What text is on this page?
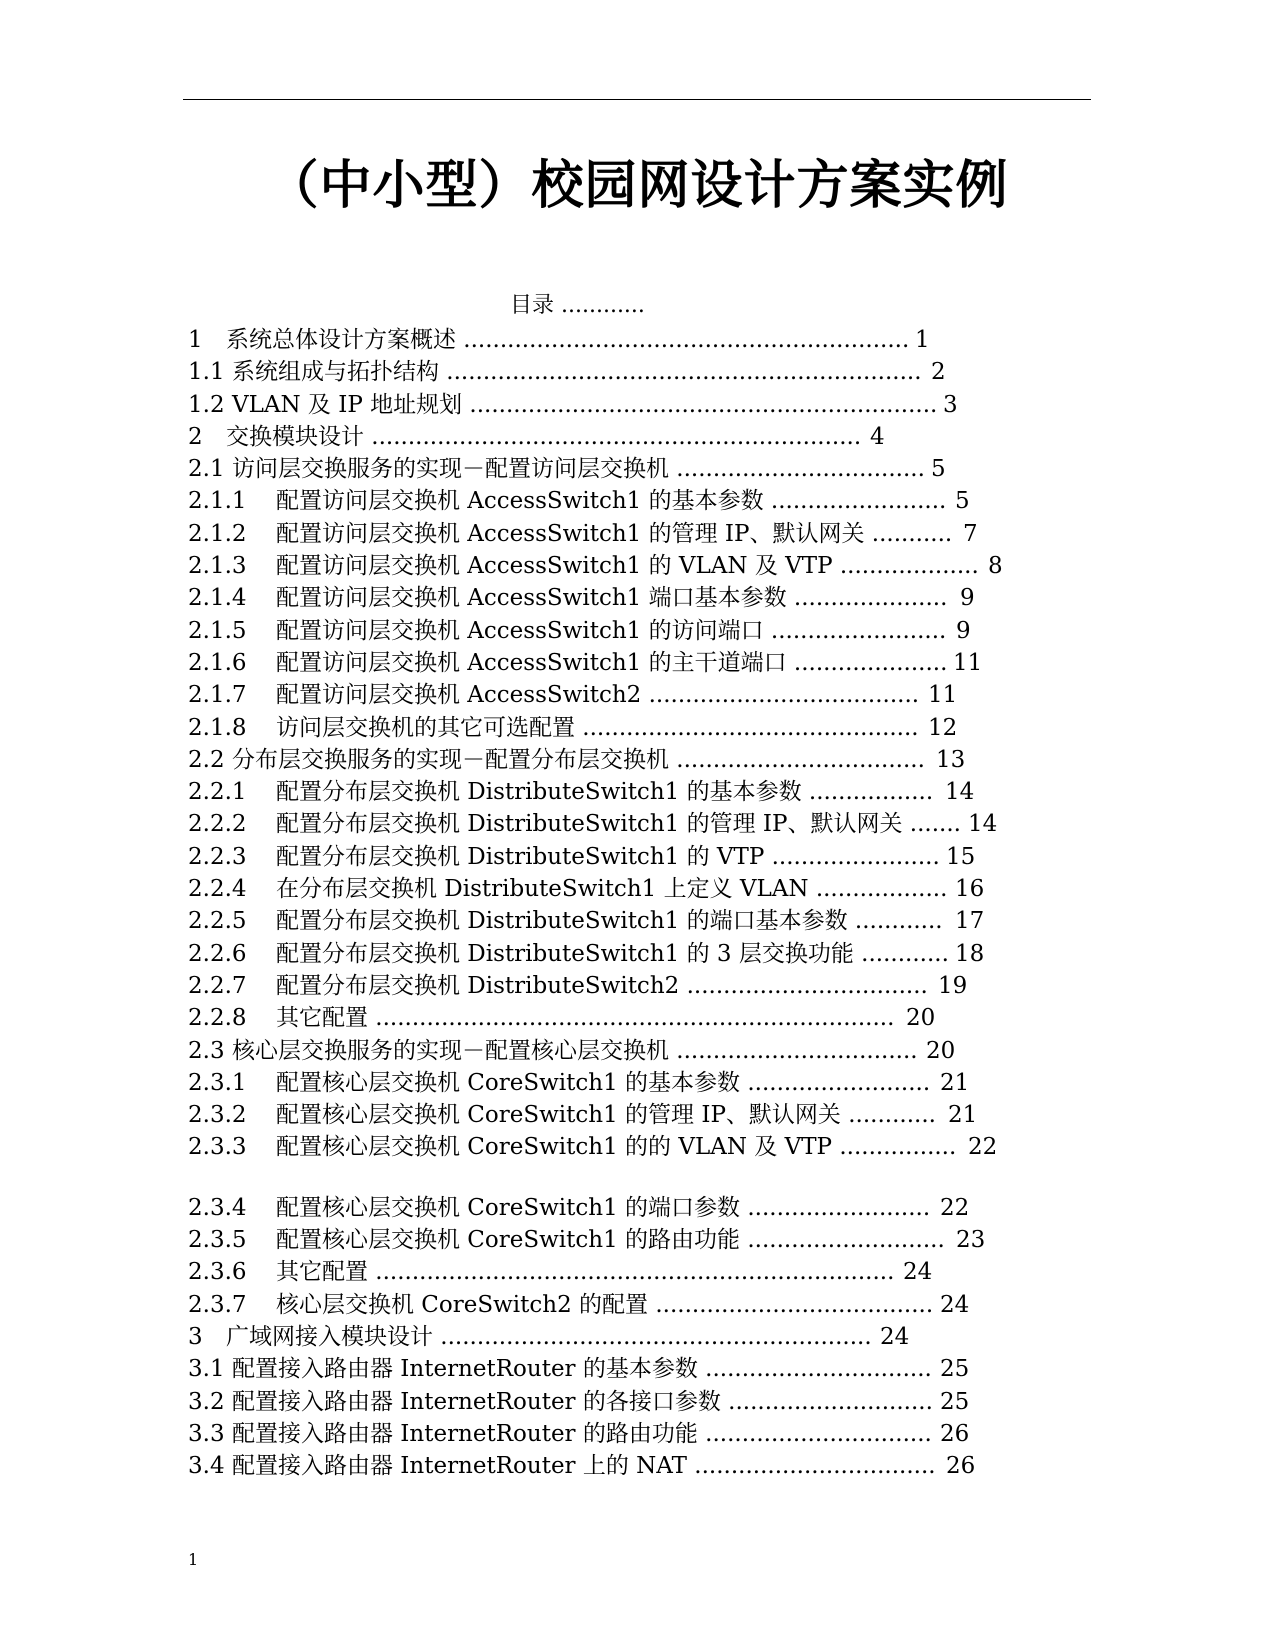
（中小型）校园网设计方案实例
目录 ............
1 系统总体设计方案概述 ............................................................. 1
1.1 系统组成与拓扑结构 ................................................................. 2
1.2 VLAN 及 IP 地址规划 ................................................................ 3
2 交换模块设计 ................................................................... 4
2.1 访问层交换服务的实现－配置访问层交换机 .................................. 5
2.1.1 配置访问层交换机 AccessSwitch1 的基本参数 ........................ 5
2.1.2 配置访问层交换机 AccessSwitch1 的管理 IP、默认网关 ........... 7
2.1.3 配置访问层交换机 AccessSwitch1 的 VLAN 及 VTP ................... 8
2.1.4 配置访问层交换机 AccessSwitch1 端口基本参数 ..................... 9
2.1.5 配置访问层交换机 AccessSwitch1 的访问端口 ........................ 9
2.1.6 配置访问层交换机 AccessSwitch1 的主干道端口 ..................... 11
2.1.7 配置访问层交换机 AccessSwitch2 ..................................... 11
2.1.8 访问层交换机的其它可选配置 .............................................. 12
2.2 分布层交换服务的实现－配置分布层交换机 .................................. 13
2.2.1 配置分布层交换机 DistributeSwitch1 的基本参数 ................. 14
2.2.2 配置分布层交换机 DistributeSwitch1 的管理 IP、默认网关 ....... 14
2.2.3 配置分布层交换机 DistributeSwitch1 的 VTP ....................... 15
2.2.4 在分布层交换机 DistributeSwitch1 上定义 VLAN .................. 16
2.2.5 配置分布层交换机 DistributeSwitch1 的端口基本参数 ............ 17
2.2.6 配置分布层交换机 DistributeSwitch1 的 3 层交换功能 ............ 18
2.2.7 配置分布层交换机 DistributeSwitch2 ................................. 19
2.2.8 其它配置 ....................................................................... 20
2.3 核心层交换服务的实现－配置核心层交换机 ................................. 20
2.3.1 配置核心层交换机 CoreSwitch1 的基本参数 ......................... 21
2.3.2 配置核心层交换机 CoreSwitch1 的管理 IP、默认网关 ............ 21
2.3.3 配置核心层交换机 CoreSwitch1 的的 VLAN 及 VTP ................ 22
2.3.4 配置核心层交换机 CoreSwitch1 的端口参数 ......................... 22
2.3.5 配置核心层交换机 CoreSwitch1 的路由功能 ........................... 23
2.3.6 其它配置 ....................................................................... 24
2.3.7 核心层交换机 CoreSwitch2 的配置 ...................................... 24
3 广域网接入模块设计 ........................................................... 24
3.1 配置接入路由器 InternetRouter 的基本参数 ............................... 25
3.2 配置接入路由器 InternetRouter 的各接口参数 ............................ 25
3.3 配置接入路由器 InternetRouter 的路由功能 ............................... 26
3.4 配置接入路由器 InternetRouter 上的 NAT ................................. 26
1
